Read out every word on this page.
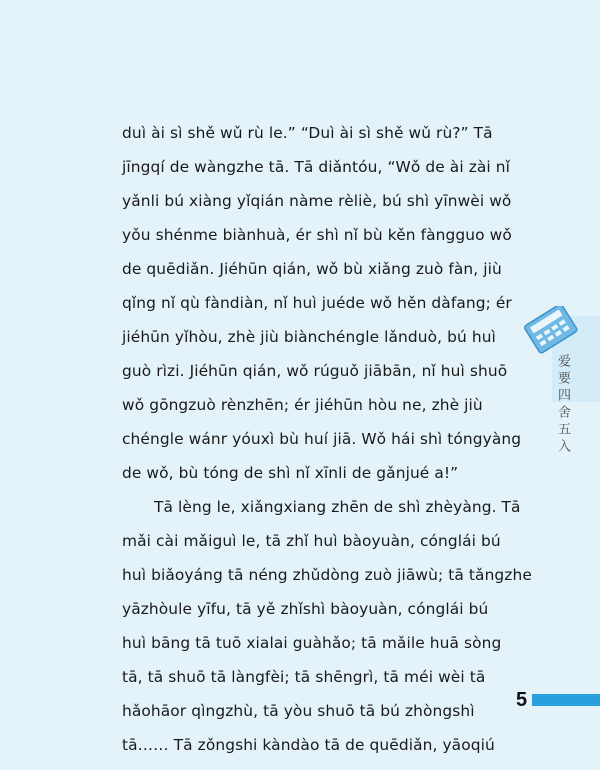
duì ài sì shě wǔ rù le.” “Duì ài sì shě wǔ rù?” Tā
jīngqí de wàngzhe tā. Tā diǎntóu, “Wǒ de ài zài nǐ
yǎnli bú xiàng yǐqián nàme rèliè, bú shì yīnwèi wǒ
yǒu shénme biànhuà, ér shì nǐ bù kěn fàngguo wǒ
de quēdiǎn. Jiéhūn qián, wǒ bù xiǎng zuò fàn, jiù
qǐng nǐ qù fàndiàn, nǐ huì juéde wǒ hěn dàfang; ér
jiéhūn yǐhòu, zhè jiù biànchéngle lǎnduò, bú huì
guò rìzi. Jiéhūn qián, wǒ rúguǒ jiābān, nǐ huì shuō
wǒ gōngzuò rènzhēn; ér jiéhūn hòu ne, zhè jiù
chéngle wánr yóuxì bù huí jiā. Wǒ hái shì tóngyàng
de wǒ, bù tóng de shì nǐ xīnli de gǎnjué a!”
Tā lèng le, xiǎngxiang zhēn de shì zhèyàng. Tā
mǎi cài mǎiguì le, tā zhǐ huì bàoyuàn, cónglái bú
huì biǎoyáng tā néng zhǔdòng zuò jiāwù; tā tǎngzhe
yāzhòule yīfu, tā yě zhǐshì bàoyuàn, cónglái bú
huì bāng tā tuō xialai guàhǎo; tā mǎile huā sòng
tā, tā shuō tā làngfèi; tā shēngrì, tā méi wèi tā
hǎohāor qìngzhù, tā yòu shuō tā bú zhòngshì
tā…… Tā zǒngshi kàndào tā de quēdiǎn, yāoqiú
爱要四舍五入
5
